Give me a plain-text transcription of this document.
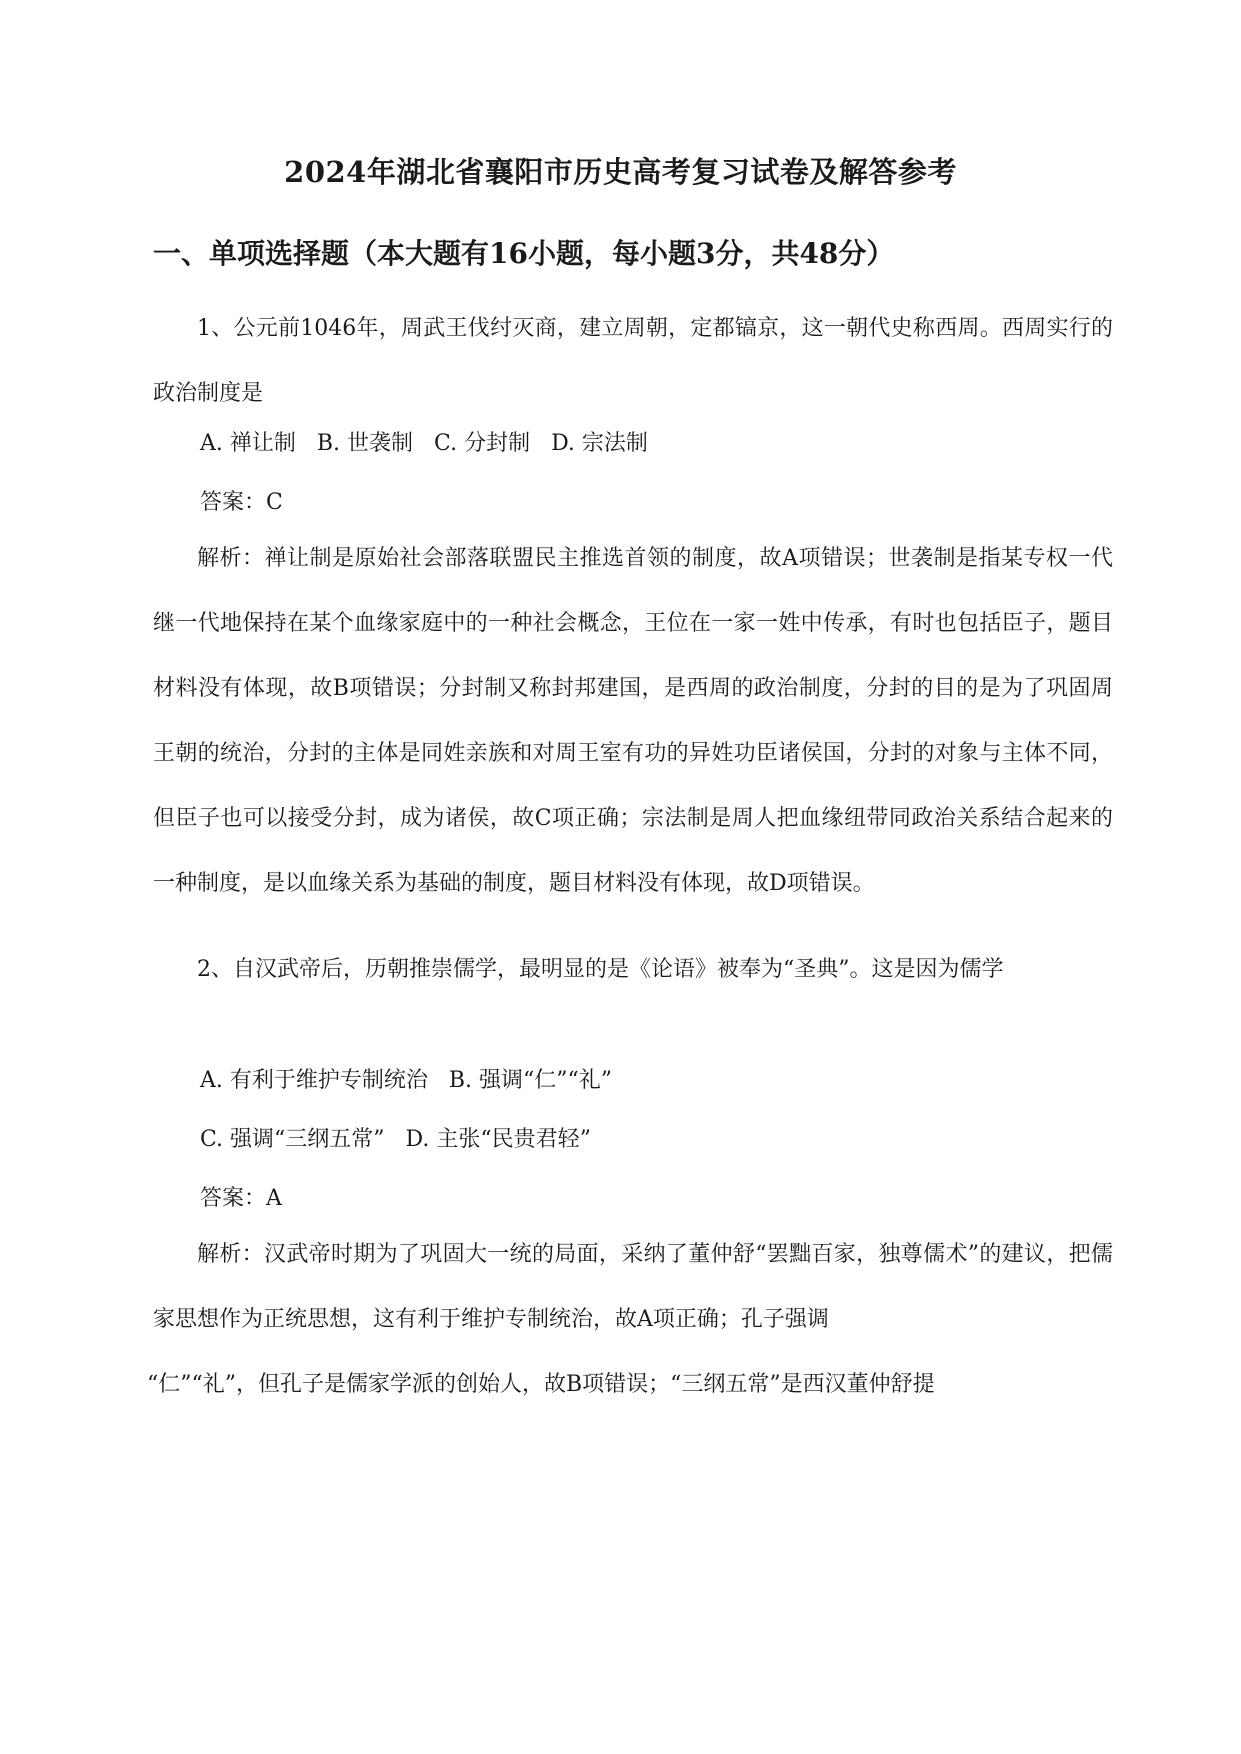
2024年湖北省襄阳市历史高考复习试卷及解答参考
一、单项选择题（本大题有16小题，每小题3分，共48分）
1、公元前1046年，周武王伐纣灭商，建立周朝，定都镐京，这一朝代史称西周。西周实行的政治制度是
A. 禅让制 B. 世袭制 C. 分封制 D. 宗法制
答案：C
解析：禅让制是原始社会部落联盟民主推选首领的制度，故A项错误；世袭制是指某专权一代继一代地保持在某个血缘家庭中的一种社会概念，王位在一家一姓中传承，有时也包括臣子，题目材料没有体现，故B项错误；分封制又称封邦建国，是西周的政治制度，分封的目的是为了巩固周王朝的统治，分封的主体是同姓亲族和对周王室有功的异姓功臣诸侯国，分封的对象与主体不同，但臣子也可以接受分封，成为诸侯，故C项正确；宗法制是周人把血缘纽带同政治关系结合起来的一种制度，是以血缘关系为基础的制度，题目材料没有体现，故D项错误。
2、自汉武帝后，历朝推崇儒学，最明显的是《论语》被奉为“圣典”。这是因为儒学
A. 有利于维护专制统治 B. 强调“仁”“礼”
C. 强调“三纲五常” D. 主张“民贵君轻”
答案：A
解析：汉武帝时期为了巩固大一统的局面，采纳了董仲舒“罢黜百家，独尊儒术”的建议，把儒家思想作为正统思想，这有利于维护专制统治，故A项正确；孔子强调
“仁”“礼”，但孔子是儒家学派的创始人，故B项错误；“三纲五常”是西汉董仲舒提
